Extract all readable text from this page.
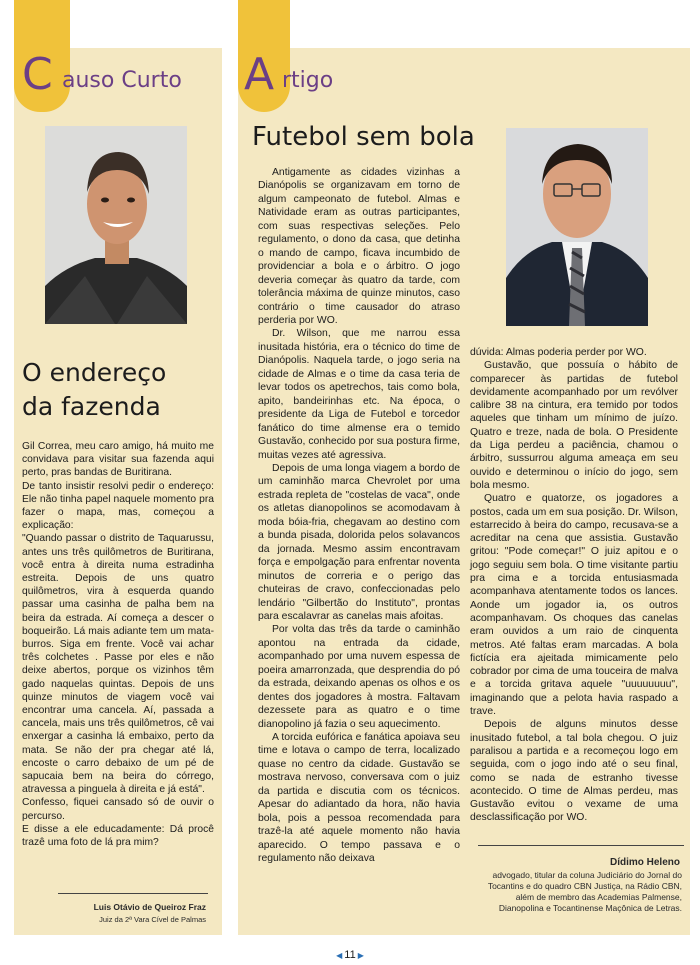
C auso Curto
O endereço
da fazenda

Gil Correa, meu caro amigo, há muito me convidava para visitar sua fazenda aqui perto, pras bandas de Buritirana.

De tanto insistir resolvi pedir o endereço: Ele não tinha papel naquele momento pra fazer o mapa, mas, começou a explicação:

"Quando passar o distrito de Taquarussu, antes uns três quilômetros de Buritirana, você entra à direita numa estradinha estreita. Depois de uns quatro quilômetros, vira à esquerda quando passar uma casinha de palha bem na beira da estrada. Aí começa a descer o boqueirão. Lá mais adiante tem um mata-burros. Siga em frente. Você vai achar três colchetes . Passe por eles e não deixe abertos, porque os vizinhos têm gado naquelas quintas. Depois de uns quinze minutos de viagem você vai encontrar uma cancela. Aí, passada a cancela, mais uns três quilômetros, cê vai enxergar a casinha lá embaixo, perto da mata. Se não der pra chegar até lá, encoste o carro debaixo de um pé de sapucaia bem na beira do córrego, atravessa a pinguela à direita e já está".

Confesso, fiquei cansado só de ouvir o percurso.

E disse a ele educadamente: Dá procê trazê uma foto de lá pra mim?

Luis Otávio de Queiroz Fraz
Juiz da 2ª Vara Cível de Palmas
A rtigo
Futebol sem bola

Antigamente as cidades vizinhas a Dianópolis se organizavam em torno de algum campeonato de futebol. Almas e Natividade eram as outras participantes, com suas respectivas seleções. Pelo regulamento, o dono da casa, que detinha o mando de campo, ficava incumbido de providenciar a bola e o árbitro. O jogo deveria começar às quatro da tarde, com tolerância máxima de quinze minutos, caso contrário o time causador do atraso perderia por WO.

Dr. Wilson, que me narrou essa inusitada história, era o técnico do time de Dianópolis. Naquela tarde, o jogo seria na cidade de Almas e o time da casa teria de levar todos os apetrechos, tais como bola, apito, bandeirinhas etc. Na época, o presidente da Liga de Futebol e torcedor fanático do time almense era o temido Gustavão, conhecido por sua postura firme, muitas vezes até agressiva.

Depois de uma longa viagem a bordo de um caminhão marca Chevrolet por uma estrada repleta de "costelas de vaca", onde os atletas dianopolinos se acomodavam à moda bóia-fria, chegavam ao destino com a bunda pisada, dolorida pelos solavancos da jornada. Mesmo assim encontravam força e empolgação para enfrentar noventa minutos de correria e o perigo das chuteiras de cravo, confeccionadas pelo lendário "Gilbertão do Instituto", prontas para escalavrar as canelas mais afoitas.

Por volta das três da tarde o caminhão apontou na entrada da cidade, acompanhado por uma nuvem espessa de poeira amarronzada, que desprendia do pó da estrada, deixando apenas os olhos e os dentes dos jogadores à mostra. Faltavam dezessete para as quatro e o time dianopolino já fazia o seu aquecimento.

A torcida eufórica e fanática apoiava seu time e lotava o campo de terra, localizado quase no centro da cidade. Gustavão se mostrava nervoso, conversava com o juiz da partida e discutia com os técnicos. Apesar do adiantado da hora, não havia bola, pois a pessoa recomendada para trazê-la até aquele momento não havia aparecido. O tempo passava e o regulamento não deixava

dúvida: Almas poderia perder por WO.

Gustavão, que possuía o hábito de comparecer às partidas de futebol devidamente acompanhado por um revólver calibre 38 na cintura, era temido por todos aqueles que tinham um mínimo de juízo. Quatro e treze, nada de bola. O Presidente da Liga perdeu a paciência, chamou o árbitro, sussurrou alguma ameaça em seu ouvido e determinou o início do jogo, sem bola mesmo.

Quatro e quatorze, os jogadores a postos, cada um em sua posição. Dr. Wilson, estarrecido à beira do campo, recusava-se a acreditar na cena que assistia. Gustavão gritou: "Pode começar!" O juiz apitou e o jogo seguiu sem bola. O time visitante partiu pra cima e a torcida entusiasmada acompanhava atentamente todos os lances. Aonde um jogador ia, os outros acompanhavam. Os choques das canelas eram ouvidos a um raio de cinquenta metros. Até faltas eram marcadas. A bola fictícia era ajeitada mimicamente pelo cobrador por cima de uma touceira de malva e a torcida gritava aquele "uuuuuuuu", imaginando que a pelota havia raspado a trave.

Depois de alguns minutos desse inusitado futebol, a tal bola chegou. O juiz paralisou a partida e a recomeçou logo em seguida, com o jogo indo até o seu final, como se nada de estranho tivesse acontecido. O time de Almas perdeu, mas Gustavão evitou o vexame de uma desclassificação por WO.

Dídimo Heleno
advogado, titular da coluna Judiciário do Jornal do Tocantins e do quadro CBN Justiça, na Rádio CBN, além de membro das Academias Palmense, Dianopolina e Tocantinense Maçônica de Letras.
◀ 11 ▶
